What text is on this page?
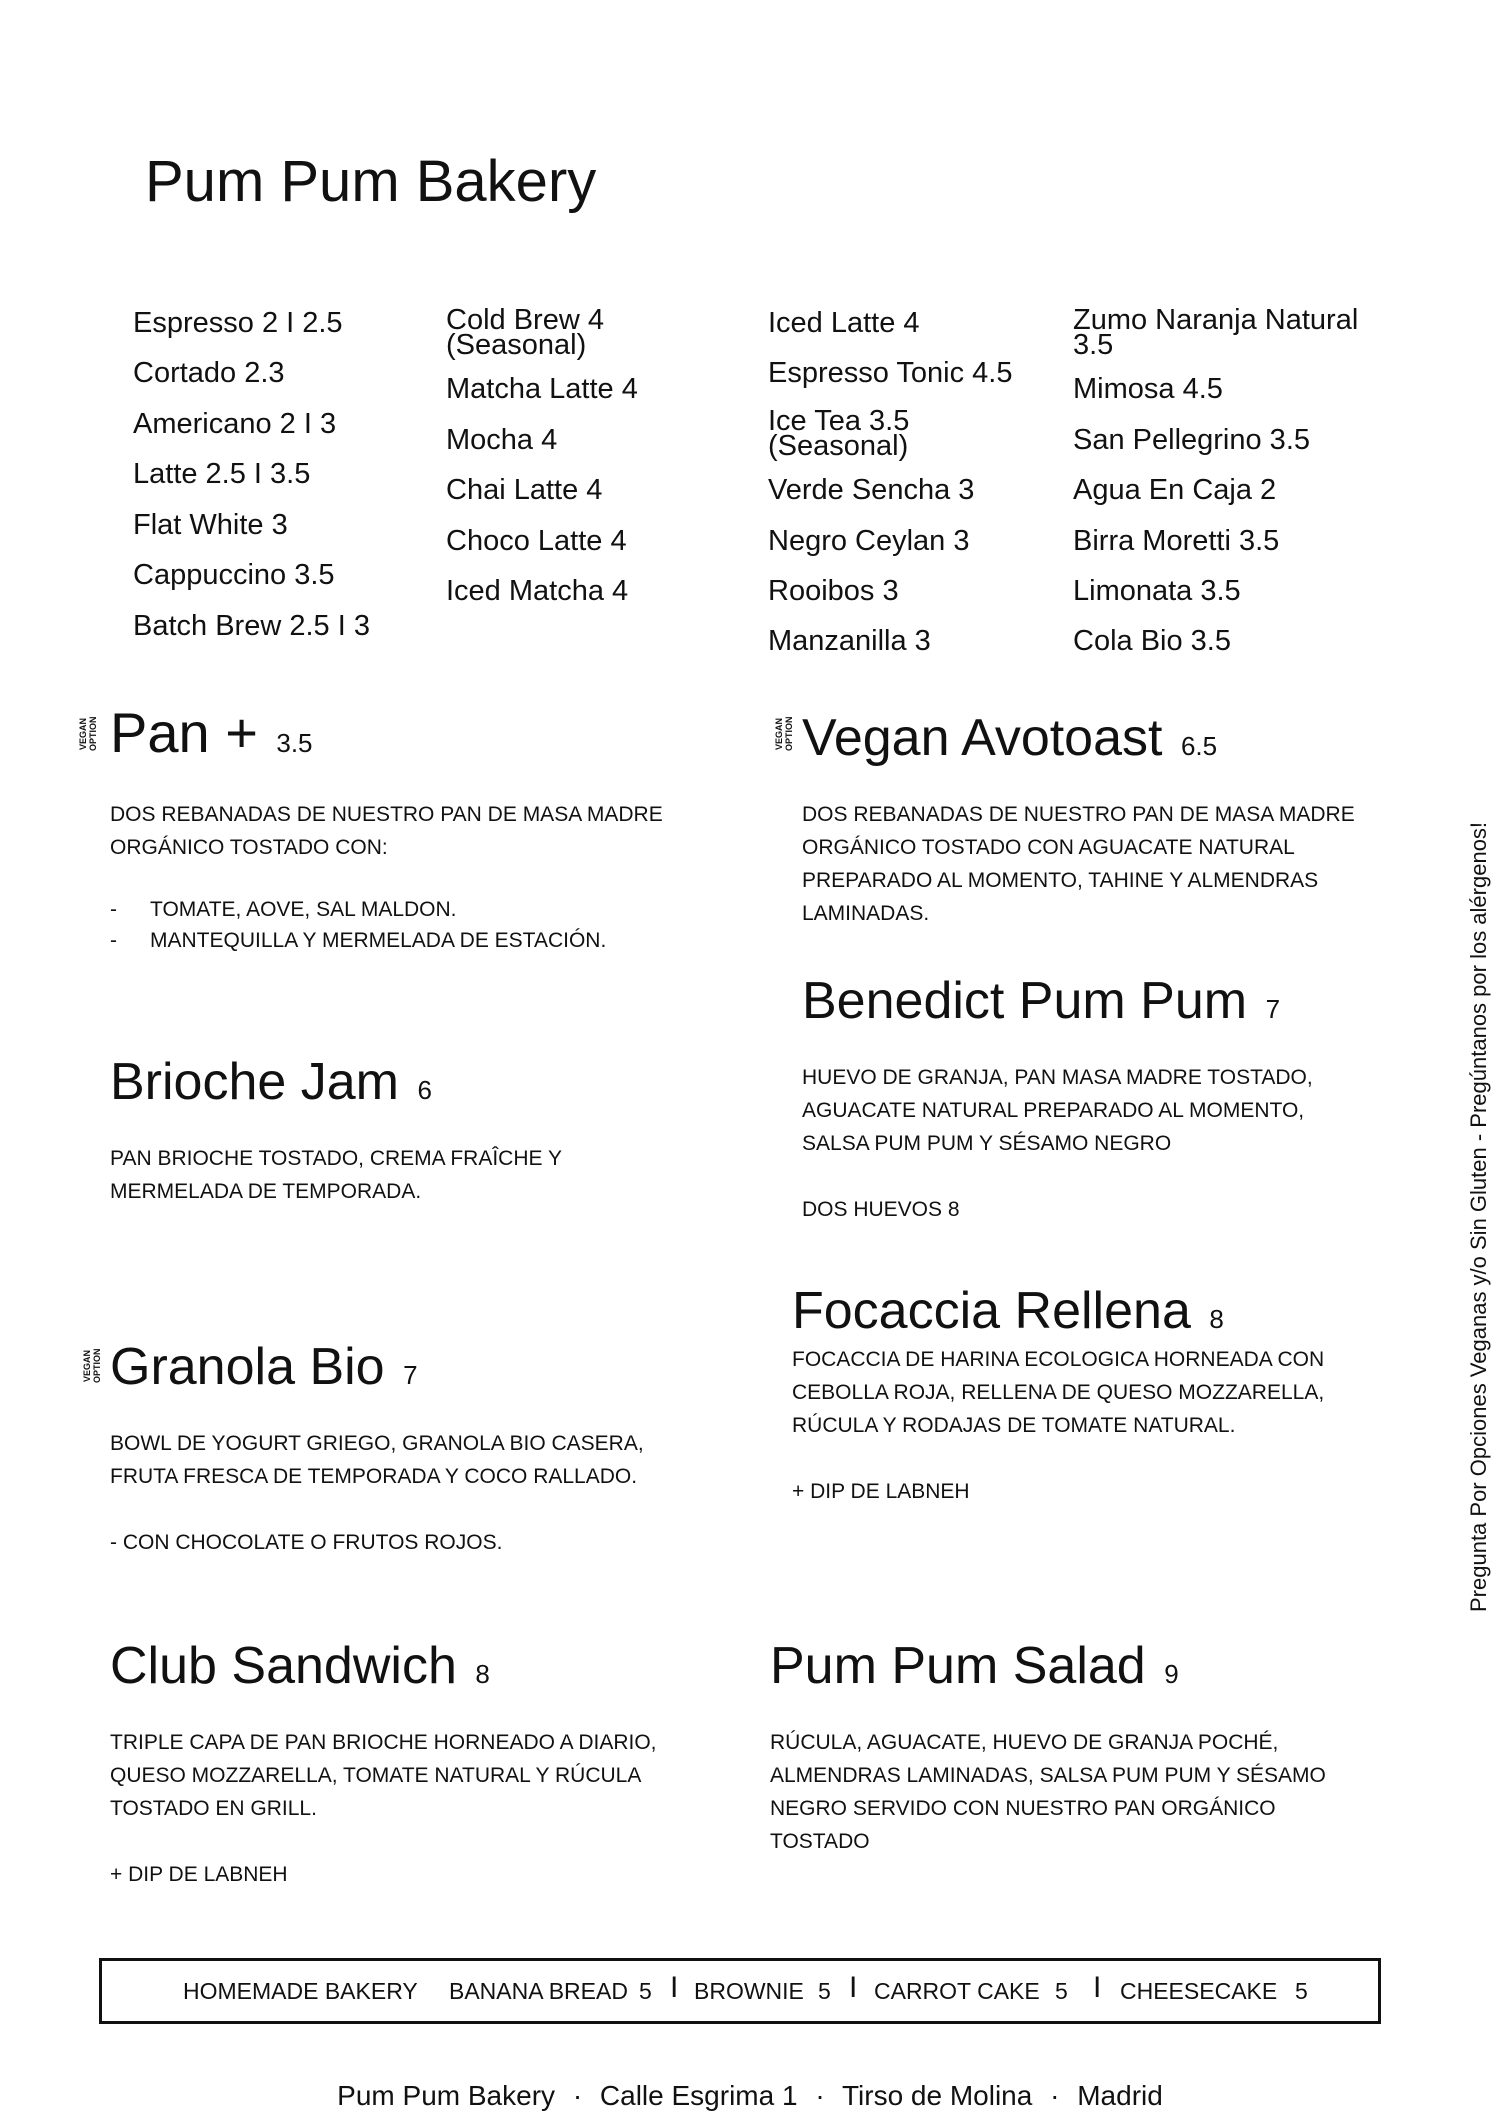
Pum Pum Bakery
Espresso 2 I 2.5
Cortado 2.3
Americano 2 I 3
Latte 2.5 I 3.5
Flat White 3
Cappuccino 3.5
Batch Brew 2.5 I 3
Cold Brew 4 (Seasonal)
Matcha Latte 4
Mocha 4
Chai Latte 4
Choco Latte 4
Iced Matcha 4
Iced Latte 4
Espresso Tonic 4.5
Ice Tea 3.5 (Seasonal)
Verde Sencha 3
Negro Ceylan 3
Rooibos 3
Manzanilla 3
Zumo Naranja Natural 3.5
Mimosa 4.5
San Pellegrino 3.5
Agua En Caja 2
Birra Moretti 3.5
Limonata 3.5
Cola Bio 3.5
VEGAN OPTION Pan + 3.5

DOS REBANADAS DE NUESTRO PAN DE MASA MADRE

ORGÁNICO TOSTADO CON:

-	TOMATE, AOVE, SAL MALDON.
-	MANTEQUILLA Y MERMELADA DE ESTACIÓN.
VEGAN OPTION Vegan Avotoast 6.5

DOS REBANADAS DE NUESTRO PAN DE MASA MADRE

ORGÁNICO TOSTADO CON AGUACATE NATURAL

PREPARADO AL MOMENTO, TAHINE Y ALMENDRAS

LAMINADAS.

Benedict Pum Pum 7

HUEVO DE GRANJA, PAN MASA MADRE TOSTADO,

AGUACATE NATURAL PREPARADO AL MOMENTO,

SALSA PUM PUM Y SÉSAMO NEGRO

DOS HUEVOS 8

Brioche Jam 6

PAN BRIOCHE TOSTADO, CREMA FRAÎCHE Y

MERMELADA DE TEMPORADA.

Focaccia Rellena 8

FOCACCIA DE HARINA ECOLOGICA HORNEADA CON

CEBOLLA ROJA, RELLENA DE QUESO MOZZARELLA,

RÚCULA Y RODAJAS DE TOMATE NATURAL.

+ DIP DE LABNEH

VEGAN OPTION Granola Bio 7

BOWL DE YOGURT GRIEGO, GRANOLA BIO CASERA,

FRUTA FRESCA DE TEMPORADA Y COCO RALLADO.

- CON CHOCOLATE O FRUTOS ROJOS.

Club Sandwich 8

TRIPLE CAPA DE PAN BRIOCHE HORNEADO A DIARIO,

QUESO MOZZARELLA, TOMATE NATURAL Y RÚCULA

TOSTADO EN GRILL.

+ DIP DE LABNEH

Pum Pum Salad 9

RÚCULA, AGUACATE, HUEVO DE GRANJA POCHÉ,

ALMENDRAS LAMINADAS, SALSA PUM PUM Y SÉSAMO

NEGRO SERVIDO CON NUESTRO PAN ORGÁNICO

TOSTADO

Pregunta Por Opciones Veganas y/o Sin Gluten - Pregúntanos por los alérgenos!
HOMEMADE BAKERY BANANA BREAD 5 I BROWNIE 5 I CARROT CAKE 5 I CHEESECAKE 5
Pum Pum Bakery · Calle Esgrima 1 · Tirso de Molina · Madrid
